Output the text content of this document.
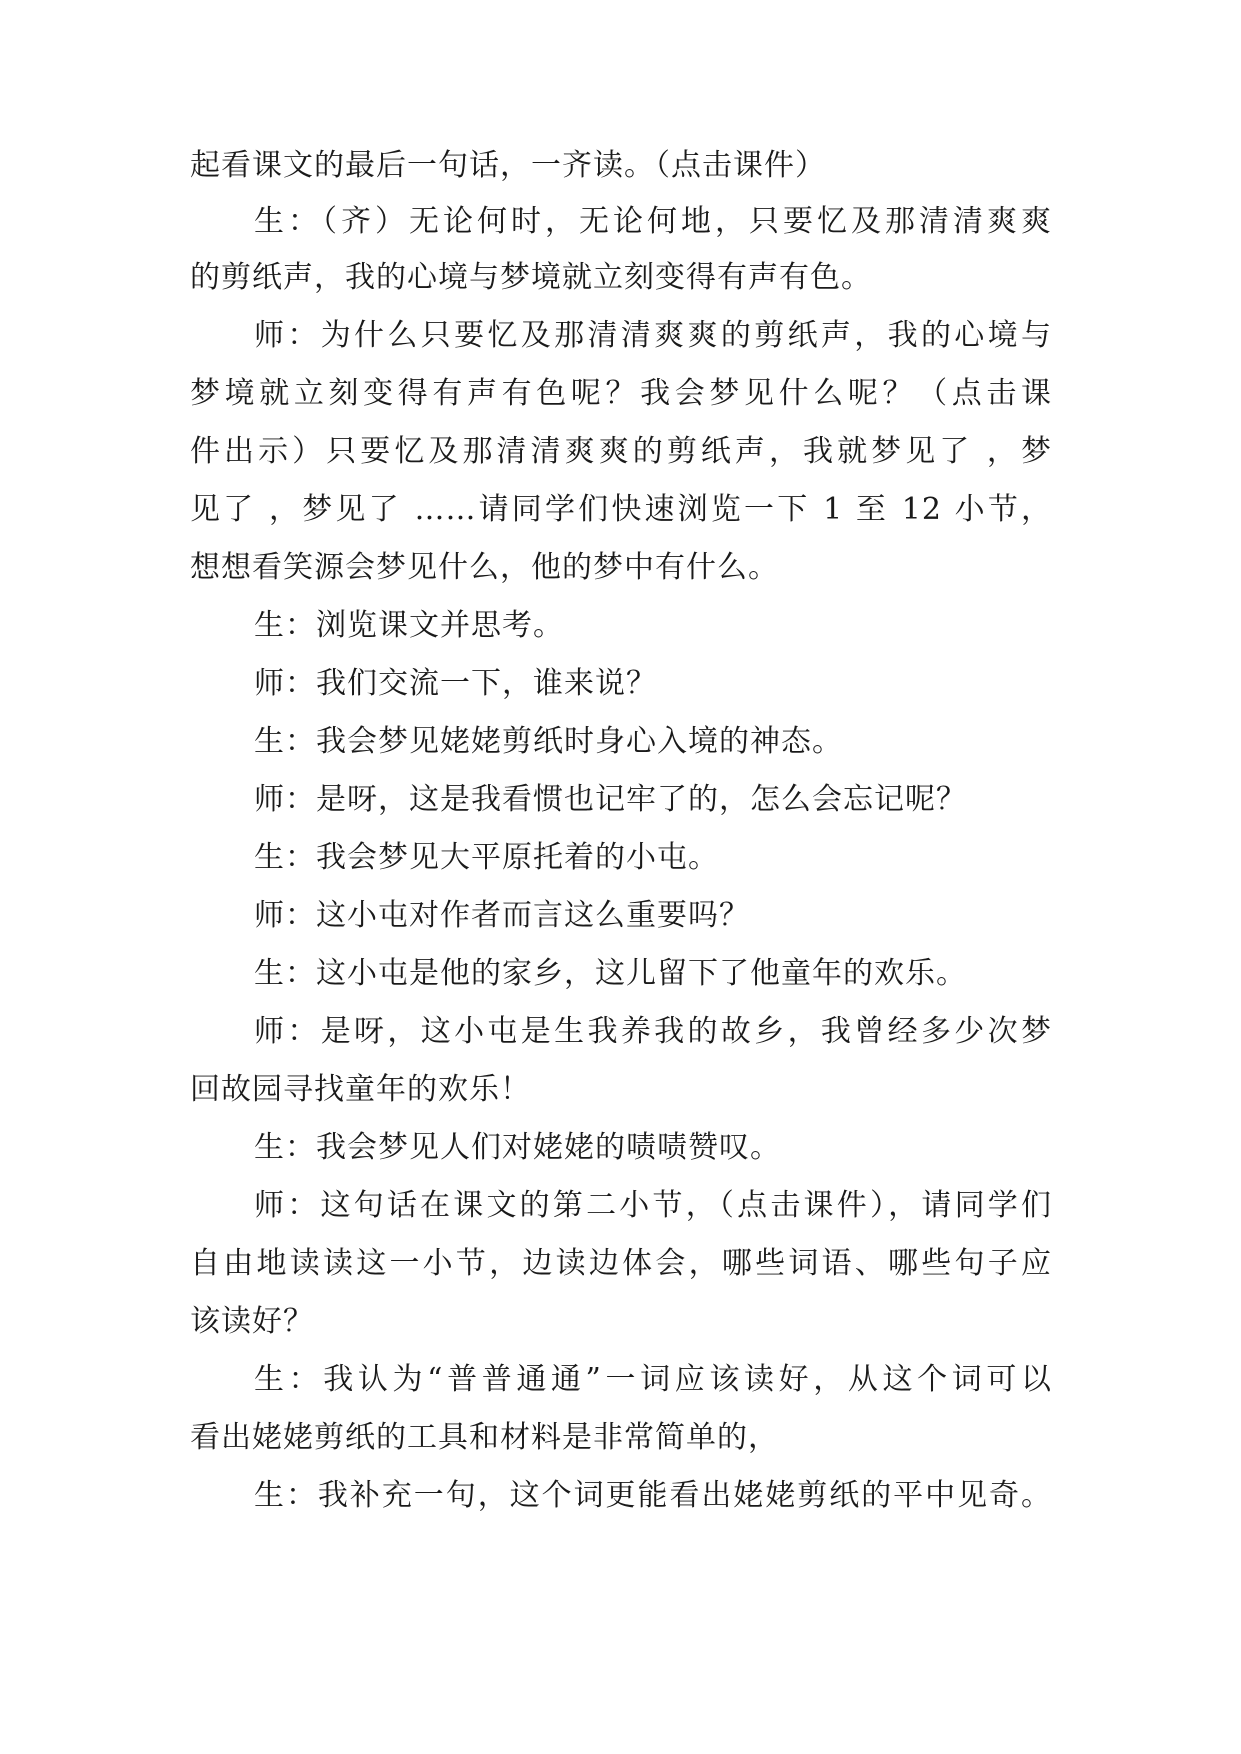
起看课文的最后一句话，一齐读。（点击课件）
生：（齐）无论何时，无论何地，只要忆及那清清爽爽
的剪纸声，我的心境与梦境就立刻变得有声有色。
师：为什么只要忆及那清清爽爽的剪纸声，我的心境与
梦境就立刻变得有声有色呢？我会梦见什么呢？（点击课
件出示）只要忆及那清清爽爽的剪纸声，我就梦见了 ，梦
见了 ，梦见了 ……请同学们快速浏览一下 1 至 12 小节，
想想看笑源会梦见什么，他的梦中有什么。
生：浏览课文并思考。
师：我们交流一下，谁来说？
生：我会梦见姥姥剪纸时身心入境的神态。
师：是呀，这是我看惯也记牢了的，怎么会忘记呢？
生：我会梦见大平原托着的小屯。
师：这小屯对作者而言这么重要吗？
生：这小屯是他的家乡，这儿留下了他童年的欢乐。
师：是呀，这小屯是生我养我的故乡，我曾经多少次梦
回故园寻找童年的欢乐！
生：我会梦见人们对姥姥的啧啧赞叹。
师：这句话在课文的第二小节，（点击课件），请同学们
自由地读读这一小节，边读边体会，哪些词语、哪些句子应
该读好？
生：我认为“普普通通”一词应该读好，从这个词可以
看出姥姥剪纸的工具和材料是非常简单的，
生：我补充一句，这个词更能看出姥姥剪纸的平中见奇。
